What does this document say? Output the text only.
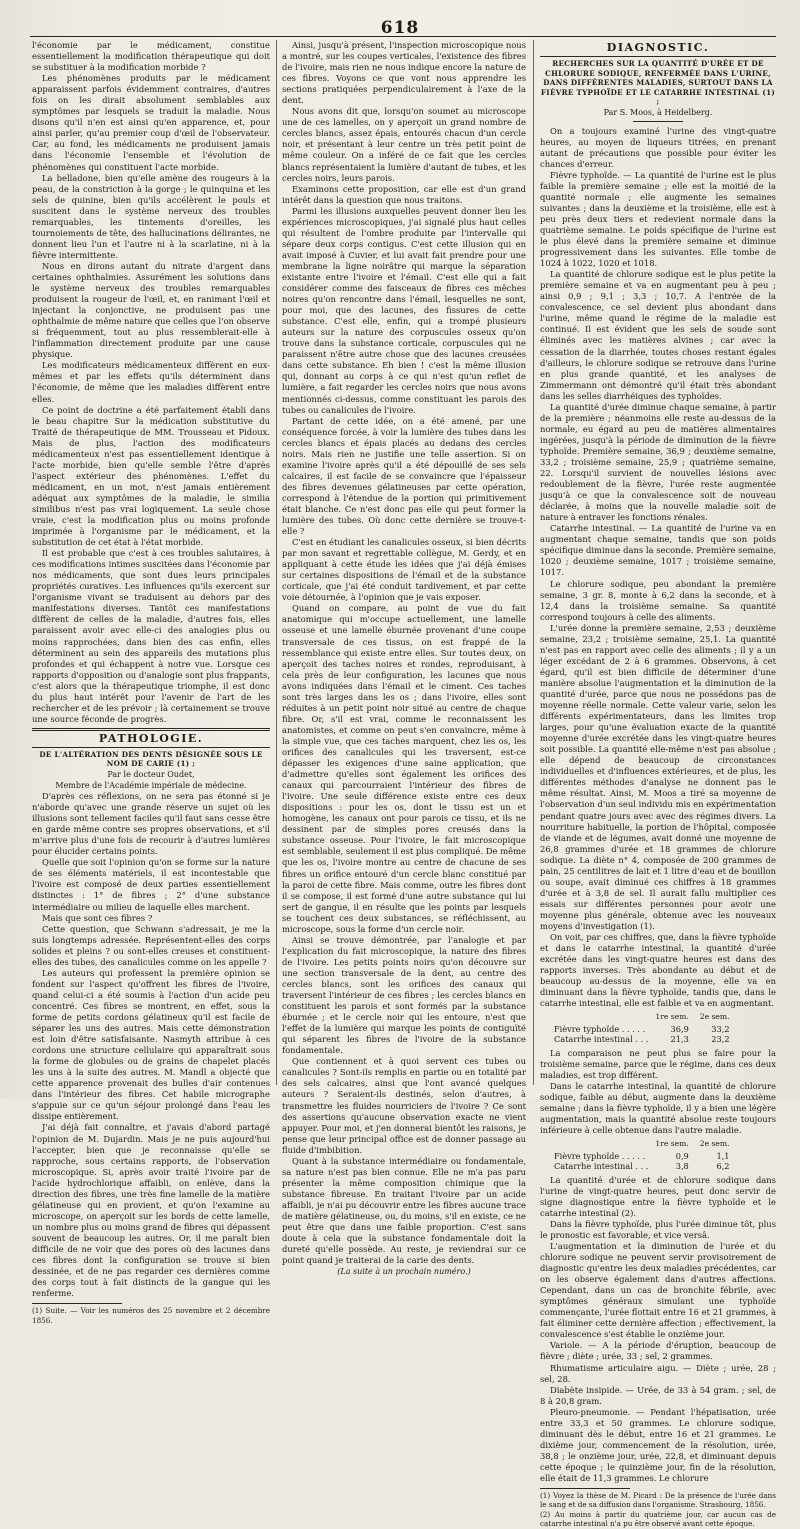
618

l'économie par le médicament, constitue essentiellement la modification thérapeutique qui doit se substituer à la modification morbide ?

Les phénomènes produits par le médicament apparaissent parfois évidemment contraires, d'autres fois on les dirait absolument semblables aux symptômes par lesquels se traduit la maladie. Nous disons qu'il n'en est ainsi qu'en apparence, et, pour ainsi parler, qu'au premier coup d'œil de l'observateur. Car, au fond, les médicaments ne produisent jamais dans l'économie l'ensemble et l'évolution de phénomènes qui constituent l'acte morbide.

La belladone, bien qu'elle amène des rougeurs à la peau, de la constriction à la gorge ; le quinquina et les sels de quinine, bien qu'ils accélèrent le pouls et suscitent dans le système nerveux des troubles remarquables, les tintements d'oreilles, les tournoiements de tête, des hallucinations délirantes, ne donnent lieu l'un et l'autre ni à la scarlatine, ni à la fièvre intermittente.

Nous en dirons autant du nitrate d'argent dans certaines ophthalmies. Assurément les solutions dans le système nerveux des troubles remarquables produisent la rougeur de l'œil, et, en ranimant l'œil et injectant la conjonctive, ne produisent pas une ophthalmie de même nature que celles que l'on observe si fréquemment, tout au plus ressemblerait-elle à l'inflammation directement produite par une cause physique.

Les modificateurs médicamenteux diffèrent en eux-mêmes et par les effets qu'ils déterminent dans l'économie, de même que les maladies diffèrent entre elles.

Ce point de doctrine a été parfaitement établi dans le beau chapitre Sur la médication substitutive du Traité de thérapeutique de MM. Trousseau et Pidoux. Mais de plus, l'action des modificateurs médicamenteux n'est pas essentiellement identique à l'acte morbide, bien qu'elle semble l'être d'après l'aspect extérieur des phénomènes. L'effet du médicament, en un mot, n'est jamais entièrement adéquat aux symptômes de la maladie, le similia similibus n'est pas vrai logiquement. La seule chose vraie, c'est la modification plus ou moins profonde imprimée à l'organisme par le médicament, et la substitution de cet état à l'état morbide.

Il est probable que c'est à ces troubles salutaires, à ces modifications intimes suscitées dans l'économie par nos médicaments, que sont dues leurs principales propriétés curatives. Les influences qu'ils exercent sur l'organisme vivant se traduisent au dehors par des manifestations diverses. Tantôt ces manifestations diffèrent de celles de la maladie, d'autres fois, elles paraissent avoir avec elle-ci des analogies plus ou moins rapprochées, dans bien des cas enfin, elles déterminent au sein des appareils des mutations plus profondes et qui échappent à notre vue. Lorsque ces rapports d'opposition ou d'analogie sont plus frappants, c'est alors que la thérapeutique triomphe, il est donc du plus haut intérêt pour l'avenir de l'art de les rechercher et de les prévoir ; là certainement se trouve une source féconde de progrès.

PATHOLOGIE.

DE L'ALTÉRATION DES DENTS DÉSIGNÉE SOUS LE NOM DE CARIE (1) ;

Par le docteur Oudet,

Membre de l'Académie impériale de médecine.

D'après ces réflexions, on ne sera pas étonné si je n'aborde qu'avec une grande réserve un sujet où les illusions sont tellement faciles qu'il faut sans cesse être en garde même contre ses propres observations, et s'il m'arrive plus d'une fois de recourir à d'autres lumières pour élucider certains points.

Quelle que soit l'opinion qu'on se forme sur la nature de ses éléments matériels, il est incontestable que l'ivoire est composé de deux parties essentiellement distinctes : 1° de fibres ; 2° d'une substance intermédiaire ou milieu de laquelle elles marchent.

Mais que sont ces fibres ?

Cette question, que Schwann s'adressait, je me la suis longtemps adressée. Représentent-elles des corps solides et pleins ? ou sont-elles creuses et constituent-elles des tubes, des canalicules comme on les appelle ?

Les auteurs qui professent la première opinion se fondent sur l'aspect qu'offrent les fibres de l'ivoire, quand celui-ci a été soumis à l'action d'un acide peu concentré. Ces fibres se montrent, en effet, sous la forme de petits cordons gélatineux qu'il est facile de séparer les uns des autres. Mais cette démonstration est loin d'être satisfaisante. Nasmyth attribue à ces cordons une structure cellulaire qui apparaîtrait sous la forme de globules ou de grains de chapelet placés les uns à la suite des autres. M. Mandl a objecté que cette apparence provenait des bulles d'air contenues dans l'intérieur des fibres. Cet habile micrographe s'appuie sur ce qu'un séjour prolongé dans l'eau les dissipe entièrement.

J'ai déjà fait connaître, et j'avais d'abord partagé l'opinion de M. Dujardin. Mais je ne puis aujourd'hui l'accepter, bien que je reconnaisse qu'elle se rapproche, sous certains rapports, de l'observation microscopique. Si, après avoir traité l'ivoire par de l'acide hydrochlorique affaibli, on enlève, dans la direction des fibres, une très fine lamelle de la matière gélatineuse qui en provient, et qu'on l'examine au microscope, on aperçoit sur les bords de cette lamelle, un nombre plus ou moins grand de fibres qui dépassent souvent de beaucoup les autres. Or, il me paraît bien difficile de ne voir que des pores où des lacunes dans ces fibres dont la configuration se trouve si bien dessinée, et de ne pas regarder ces dernières comme des corps tout à fait distincts de la gangue qui les renferme.

(1) Suite. — Voir les numéros des 25 novembre et 2 décembre 1856.

Ainsi, jusqu'à présent, l'inspection microscopique nous a montré, sur les coupes verticales, l'existence des fibres de l'ivoire, mais rien ne nous indique encore la nature de ces fibres. Voyons ce que vont nous apprendre les sections pratiquées perpendiculairement à l'axe de la dent.

Nous avons dit que, lorsqu'on soumet au microscope une de ces lamelles, on y aperçoit un grand nombre de cercles blancs, assez épais, entourés chacun d'un cercle noir, et présentant à leur centre un très petit point de même couleur. On a inféré de ce fait que les cercles blancs représentaient la lumière d'autant de tubes, et les cercles noirs, leurs parois.

Examinons cette proposition, car elle est d'un grand intérêt dans la question que nous traitons.

Parmi les illusions auxquelles peuvent donner lieu les expériences microscopiques, j'ai signalé plus haut celles qui résultent de l'ombre produite par l'intervalle qui sépare deux corps contigus. C'est cette illusion qui en avait imposé à Cuvier, et lui avait fait prendre pour une membrane la ligne noirâtre qui marque la séparation existante entre l'ivoire et l'émail. C'est elle qui a fait considérer comme des faisceaux de fibres ces mêches noires qu'on rencontre dans l'émail, lesquelles ne sont, pour moi, que des lacunes, des fissures de cette substance. C'est elle, enfin, qui a trompé plusieurs auteurs sur la nature des corpuscules osseux qu'on trouve dans la substance corticale, corpuscules qui ne paraissent n'être autre chose que des lacunes creusées dans cette substance. Eh bien ! c'est la même illusion qui, donnant au corps à ce qui n'est qu'un reflet de lumière, a fait regarder les cercles noirs que nous avons mentionnés ci-dessus, comme constituant les parois des tubes ou canalicules de l'ivoire.

Partant de cette idée, on a été amené, par une conséquence forcée, à voir la lumière des tubes dans les cercles blancs et épais placés au dedans des cercles noirs. Mais rien ne justifie une telle assertion. Si on examine l'ivoire après qu'il a été dépouillé de ses sels calcaires, il est facile de se convaincre que l'épaisseur des fibres devenues gélatineuses par cette opération, correspond à l'étendue de la portion qui primitivement était blanche. Ce n'est donc pas elle qui peut former la lumière des tubes. Où donc cette dernière se trouve-t-elle ?

C'est en étudiant les canalicules osseux, si bien décrits par mon savant et regrettable collègue, M. Gerdy, et en appliquant à cette étude les idées que j'ai déjà émises sur certaines dispositions de l'émail et de la substance corticale, que j'ai été conduit tardivement, et par cette voie détournée, à l'opinion que je vais exposer.

Quand on compare, au point de vue du fait anatomique qui m'occupe actuellement, une lamelle osseuse et une lamelle éburnée provenant d'une coupe transversale de ces tissus, on est frappé de la ressemblance qui existe entre elles. Sur toutes deux, on aperçoit des taches noires et rondes, reproduisant, à cela près de leur configuration, les lacunes que nous avons indiquées dans l'émail et le ciment. Ces taches sont très larges dans les os ; dans l'ivoire, elles sont réduites à un petit point noir situé au centre de chaque fibre. Or, s'il est vrai, comme le reconnaissent les anatomistes, et comme on peut s'en convaincre, même à la simple vue, que ces taches marquent, chez les os, les orifices des canalicules qui les traversent, est-ce dépasser les exigences d'une saine application, que d'admettre qu'elles sont également les orifices des canaux qui parcourraient l'intérieur des fibres de l'ivoire. Une seule différence existe entre ces deux dispositions : pour les os, dont le tissu est un et homogène, les canaux ont pour parois ce tissu, et ils ne dessinent par de simples pores creusés dans la substance osseuse. Pour l'ivoire, le fait microscopique est semblable, seulement il est plus compliqué. De même que les os, l'ivoire montre au centre de chacune de ses fibres un orifice entouré d'un cercle blanc constitué par la paroi de cette fibre. Mais comme, outre les fibres dont il se compose, il est formé d'une autre substance qui lui sert de gangue, il en résulte que les points par lesquels se touchent ces deux substances, se réfléchissent, au microscope, sous la forme d'un cercle noir.

Ainsi se trouve démontrée, par l'analogie et par l'explication du fait microscopique, la nature des fibres de l'ivoire. Les petits points noirs qu'on découvre sur une section transversale de la dent, au centre des cercles blancs, sont les orifices des canaux qui traversent l'intérieur de ces fibres ; les cercles blancs en constituent les parois et sont formés par la substance éburnée ; et le cercle noir qui les entoure, n'est que l'effet de la lumière qui marque les points de contiguïté qui séparent les fibres de l'ivoire de la substance fondamentale.

Que contiennent et à quoi servent ces tubes ou canalicules ? Sont-ils remplis en partie ou en totalité par des sels calcaires, ainsi que l'ont avancé quelques auteurs ? Seraient-ils destinés, selon d'autres, à transmettre les fluides nourriciers de l'ivoire ? Ce sont des assertions qu'aucune observation exacte ne vient appuyer. Pour moi, et j'en donnerai bientôt les raisons, je pense que leur principal office est de donner passage au fluide d'imbibition.

Quant à la substance intermédiaire ou fondamentale, sa nature n'est pas bien connue. Elle ne m'a pas paru présenter la même composition chimique que la substance fibreuse. En traitant l'ivoire par un acide affaibli, je n'ai pu découvrir entre les fibres aucune trace de matière gélatineuse, ou, du moins, s'il en existe, ce ne peut être que dans une faible proportion. C'est sans doute à cela que la substance fondamentale doit la dureté qu'elle possède. Au reste, je reviendrai sur ce point quand je traiterai de la carie des dents.

(La suite à un prochain numéro.)

DIAGNOSTIC.

RECHERCHES SUR LA QUANTITÉ D'URÉE ET DE CHLORURE SODIQUE, RENFERMÉE DANS L'URINE, DANS DIFFÉRENTES MALADIES, SURTOUT DANS LA FIÈVRE TYPHOÏDE ET LE CATARRHE INTESTINAL (1) ;

Par S. Moos, à Heidelberg.

On a toujours examiné l'urine des vingt-quatre heures, au moyen de liqueurs titrées, en prenant autant de précautions que possible pour éviter les chances d'erreur.

Fièvre typhoïde. — La quantité de l'urine est le plus faible la première semaine ; elle est la moitié de la quantité normale ; elle augmente les semaines suivantes ; dans la deuxième et la troisième, elle est à peu près deux tiers et redevient normale dans la quatrième semaine. Le poids spécifique de l'urine est le plus élevé dans la première semaine et diminue progressivement dans les suivantes. Elle tombe de 1024 à 1022, 1020 et 1018.

La quantité de chlorure sodique est le plus petite la première semaine et va en augmentant peu à peu ; ainsi 0,9 ; 9,1 ; 3,3 ; 10,7. A l'entrée de la convalescence, ce sel devient plus abondant dans l'urine, même quand le régime de la maladie est continué. Il est évident que les sels de soude sont éliminés avec les matières alvines ; car avec la cessation de la diarrhée, toutes choses restant égales d'ailleurs, le chlorure sodique se retrouve dans l'urine en plus grande quantité, et les analyses de Zimmermann ont démontré qu'il était très abondant dans les selles diarrhéiques des typhoïdes.

La quantité d'urée diminue chaque semaine, à partir de la première ; néanmoins elle reste au-dessus de la normale, eu égard au peu de matières alimentaires ingérées, jusqu'à la période de diminution de la fièvre typhoïde. Première semaine, 36,9 ; deuxième semaine, 33,2 ; troisième semaine, 25,9 ; quatrième semaine, 22. Lorsqu'il survient de nouvelles lésions avec redoublement de la fièvre, l'urée reste augmentée jusqu'à ce que la convalescence soit de nouveau déclarée, à moins que la nouvelle maladie soit de nature à entraver les fonctions rénales.

Catarrhe intestinal. — La quantité de l'urine va en augmentant chaque semaine, tandis que son poids spécifique diminue dans la seconde. Première semaine, 1020 ; deuxième semaine, 1017 ; troisième semaine, 1017.

Le chlorure sodique, peu abondant la première semaine, 3 gr. 8, monte à 6,2 dans la seconde, et à 12,4 dans la troisième semaine. Sa quantité correspond toujours à celle des aliments.

L'urée donne la première semaine, 2,53 ; deuxième semaine, 23,2 ; troisième semaine, 25,1. La quantité n'est pas en rapport avec celle des aliments ; il y a un léger excédant de 2 à 6 grammes. Observons, à cet égard, qu'il est bien difficile de déterminer d'une manière absolue l'augmentation et la diminution de la quantité d'urée, parce que nous ne possédons pas de moyenne réelle normale. Cette valeur varie, selon les différents expérimentateurs, dans les limites trop larges, pour qu'une évaluation exacte de la quantité moyenne d'urée excrétée dans les vingt-quatre heures soit possible. La quantité elle-même n'est pas absolue ; elle dépend de beaucoup de circonstances individuelles et d'influences extérieures, et de plus, les différentes méthodes d'analyse ne donnent pas le même résultat. Ainsi, M. Moos a tiré sa moyenne de l'observation d'un seul individu mis en expérimentation pendant quatre jours avec avec des régimes divers. La nourriture habituelle, la portion de l'hôpital, composée de viande et de légumes, avait donné une moyenne de 26,8 grammes d'urée et 18 grammes de chlorure sodique. La diète n° 4, composée de 200 grammes de pain, 25 centilitres de lait et 1 litre d'eau et de bouillon ou soupe, avait diminué ces chiffres à 18 grammes d'urée et à 3,8 de sel. Il aurait fallu multiplier ces essais sur différentes personnes pour avoir une moyenne plus générale, obtenue avec les nouveaux moyens d'investigation (1).

On voit, par ces chiffres, que, dans la fièvre typhoïde et dans le catarrhe intestinal, la quantité d'urée excrétée dans les vingt-quatre heures est dans des rapports inverses. Très abondante au début et de beaucoup au-dessus de la moyenne, elle va en diminuant dans la fièvre typhoïde, tandis que, dans le catarrhe intestinal, elle est faible et va en augmentant.

	1re sem.	2e sem.
Fièvre typhoïde . . . . .	36,9	33,2
Catarrhe intestinal . . .	21,3	23,2

La comparaison ne peut plus se faire pour la troisième semaine, parce que le régime, dans ces deux maladies, est trop différent.

Dans le catarrhe intestinal, la quantité de chlorure sodique, faible au début, augmente dans la deuxième semaine ; dans la fièvre typhoïde, il y a bien une légère augmentation, mais la quantité absolue reste toujours inférieure à celle obtenue dans l'autre maladie.

	1re sem.	2e sem.
Fièvre typhoïde . . . . .	0,9	1,1
Catarrhe intestinal . . .	3,8	6,2

La quantité d'urée et de chlorure sodique dans l'urine de vingt-quatre heures, peut donc servir de signe diagnostique entre la fièvre typhoïde et le catarrhe intestinal (2).

Dans la fièvre typhoïde, plus l'urée diminue tôt, plus le pronostic est favorable, et vice versâ.

L'augmentation et la diminution de l'urée et du chlorure sodique ne peuvent servir provisoirement de diagnostic qu'entre les deux maladies précédentes, car on les observe également dans d'autres affections. Cependant, dans un cas de bronchite fébrile, avec symptômes généraux simulant une typhoïde commençante, l'urée flottait entre 16 et 21 grammes, à fait éliminer cette dernière affection ; effectivement, la convalescence s'est établie le onzième jour.

Variole. — A la période d'éruption, beaucoup de fièvre ; diète ; urée, 33 ; sel, 2 grammes.

Rhumatisme articulaire aigu. — Diète ; urée, 28 ; sel, 28.

Diabète insipide. — Urée, de 33 à 54 gram. ; sel, de 8 à 20,8 gram.

Pleuro-pneumonie. — Pendant l'hépatisation, urée entre 33,3 et 50 grammes. Le chlorure sodique, diminuant dès le début, entre 16 et 21 grammes. Le dixième jour, commencement de la résolution, urée, 38,8 ; le onzième jour, urée, 22,8, et diminuant depuis cette époque ; le quinzième jour, fin de la résolution, elle était de 11,3 grammes. Le chlorure

(1) Voyez la thèse de M. Picard : De la présence de l'urée dans le sang et de sa diffusion dans l'organisme. Strasbourg, 1856.

(2) Au moins à partir du quatrième jour, car aucun cas de catarrhe intestinal n'a pu être observé avant cette époque.
